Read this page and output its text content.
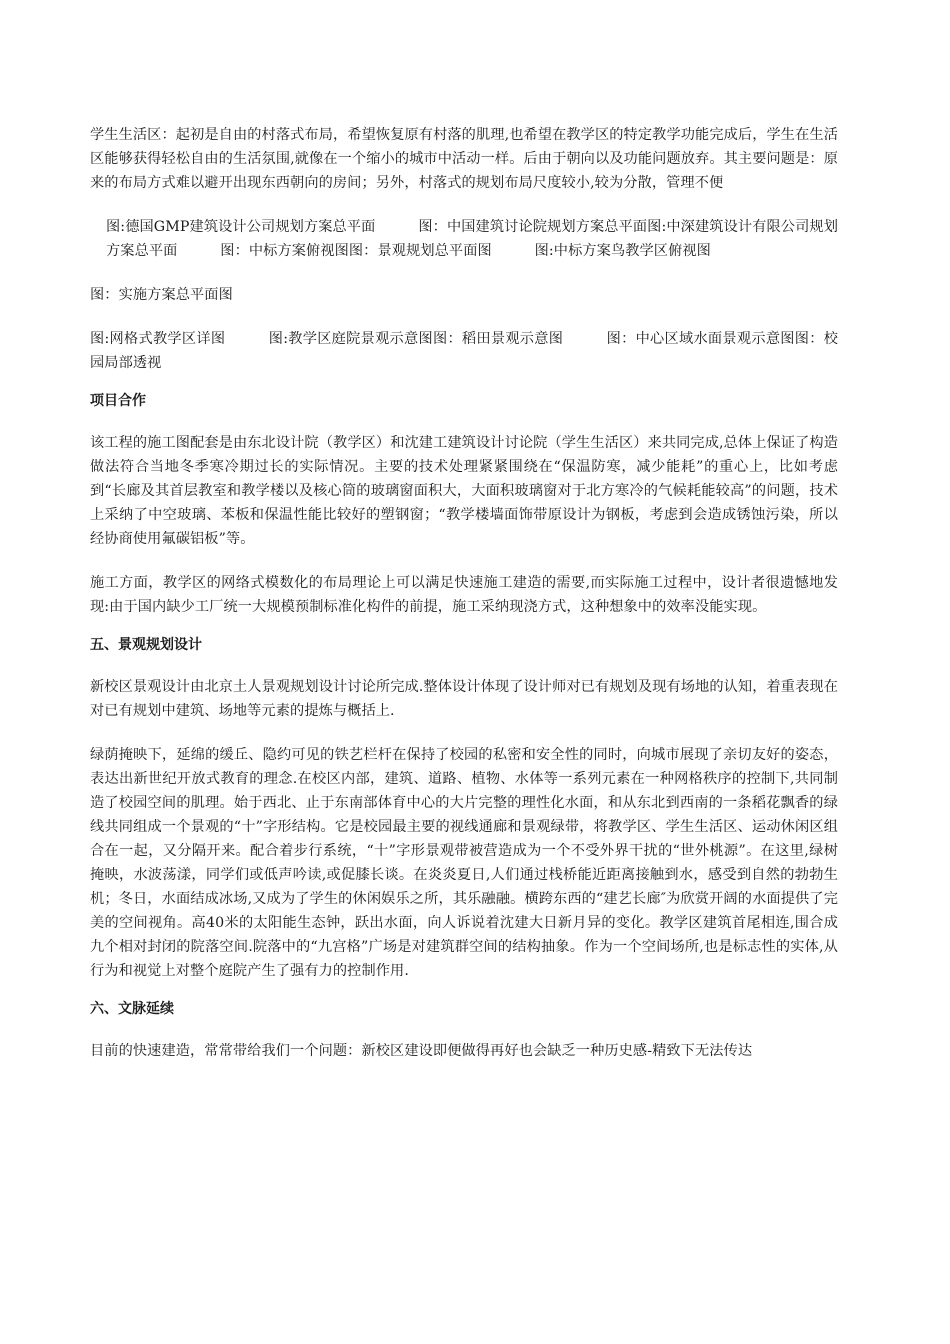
学生生活区：起初是自由的村落式布局，希望恢复原有村落的肌理,也希望在教学区的特定教学功能完成后，学生在生活区能够获得轻松自由的生活氛围,就像在一个缩小的城市中活动一样。后由于朝向以及功能问题放弃。其主要问题是：原来的布局方式难以避开出现东西朝向的房间；另外，村落式的规划布局尺度较小,较为分散，管理不便

图:德国GMP建筑设计公司规划方案总平面　　　图：中国建筑讨论院规划方案总平面图:中深建筑设计有限公司规划方案总平面　　　图：中标方案俯视图图：景观规划总平面图　　　图:中标方案鸟教学区俯视图

图：实施方案总平面图

图:网格式教学区详图　　　图:教学区庭院景观示意图图：稻田景观示意图　　　图：中心区域水面景观示意图图：校园局部透视

项目合作

该工程的施工图配套是由东北设计院（教学区）和沈建工建筑设计讨论院（学生生活区）来共同完成,总体上保证了构造做法符合当地冬季寒冷期过长的实际情况。主要的技术处理紧紧围绕在“保温防寒，减少能耗”的重心上，比如考虑到“长廊及其首层教室和教学楼以及核心筒的玻璃窗面积大，大面积玻璃窗对于北方寒冷的气候耗能较高”的问题，技术上采纳了中空玻璃、苯板和保温性能比较好的塑钢窗；“教学楼墙面饰带原设计为钢板，考虑到会造成锈蚀污染，所以经协商使用氟碳铝板”等。

施工方面，教学区的网络式模数化的布局理论上可以满足快速施工建造的需要,而实际施工过程中，设计者很遗憾地发现:由于国内缺少工厂统一大规模预制标准化构件的前提，施工采纳现浇方式，这种想象中的效率没能实现。

五、景观规划设计

新校区景观设计由北京土人景观规划设计讨论所完成.整体设计体现了设计师对已有规划及现有场地的认知，着重表现在对已有规划中建筑、场地等元素的提炼与概括上.

绿荫掩映下，延绵的缓丘、隐约可见的铁艺栏杆在保持了校园的私密和安全性的同时，向城市展现了亲切友好的姿态，表达出新世纪开放式教育的理念.在校区内部，建筑、道路、植物、水体等一系列元素在一种网格秩序的控制下,共同制造了校园空间的肌理。始于西北、止于东南部体育中心的大片完整的理性化水面，和从东北到西南的一条稻花飘香的绿线共同组成一个景观的“十”字形结构。它是校园最主要的视线通廊和景观绿带，将教学区、学生生活区、运动休闲区组合在一起，又分隔开来。配合着步行系统，“十”字形景观带被营造成为一个不受外界干扰的“世外桃源”。在这里,绿树掩映，水波荡漾，同学们或低声吟读,或促膝长谈。在炎炎夏日,人们通过栈桥能近距离接触到水，感受到自然的勃勃生机；冬日，水面结成冰场,又成为了学生的休闲娱乐之所，其乐融融。横跨东西的“建艺长廊″为欣赏开阔的水面提供了完美的空间视角。高40米的太阳能生态钟，跃出水面，向人诉说着沈建大日新月异的变化。教学区建筑首尾相连,围合成九个相对封闭的院落空间.院落中的“九宫格”广场是对建筑群空间的结构抽象。作为一个空间场所,也是标志性的实体,从行为和视觉上对整个庭院产生了强有力的控制作用.

六、文脉延续

目前的快速建造，常常带给我们一个问题：新校区建设即便做得再好也会缺乏一种历史感-精致下无法传达
